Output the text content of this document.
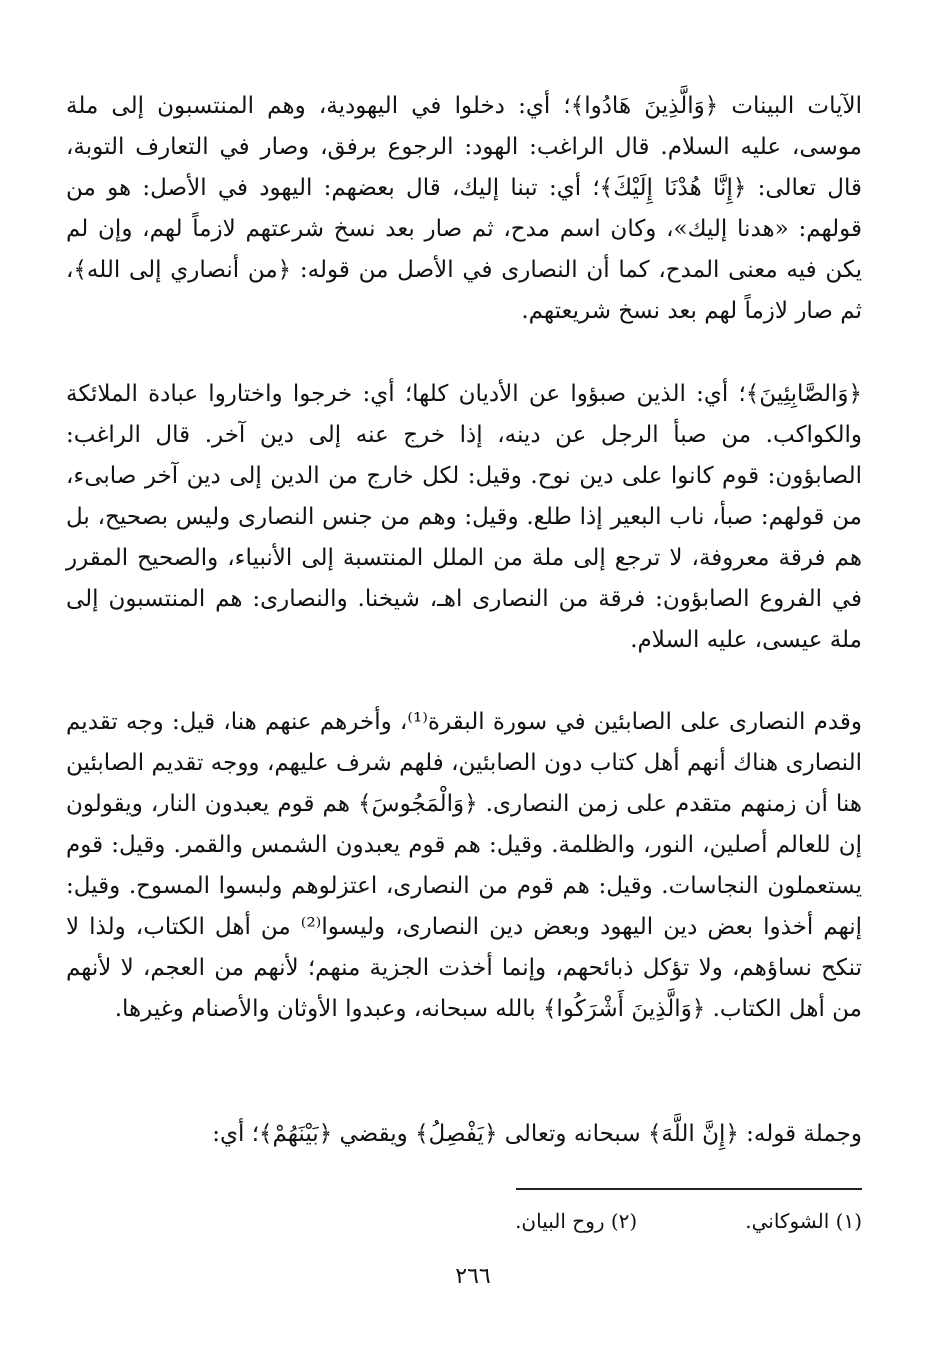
الآيات البينات ﴿وَالَّذِينَ هَادُوا﴾؛ أي: دخلوا في اليهودية، وهم المنتسبون إلى ملة موسى، عليه السلام. قال الراغب: الهود: الرجوع برفق، وصار في التعارف التوبة، قال تعالى: ﴿إِنَّا هُدْنَا إِلَيْكَ﴾؛ أي: تبنا إليك، قال بعضهم: اليهود في الأصل: هو من قولهم: «هدنا إليك»، وكان اسم مدح، ثم صار بعد نسخ شرعتهم لازماً لهم، وإن لم يكن فيه معنى المدح، كما أن النصارى في الأصل من قوله: ﴿من أنصاري إلى الله﴾، ثم صار لازماً لهم بعد نسخ شريعتهم.

﴿وَالصَّابِئِينَ﴾؛ أي: الذين صبؤوا عن الأديان كلها؛ أي: خرجوا واختاروا عبادة الملائكة والكواكب. من صبأ الرجل عن دينه، إذا خرج عنه إلى دين آخر. قال الراغب: الصابؤون: قوم كانوا على دين نوح. وقيل: لكل خارج من الدين إلى دين آخر صابىء، من قولهم: صبأ، ناب البعير إذا طلع. وقيل: وهم من جنس النصارى وليس بصحيح، بل هم فرقة معروفة، لا ترجع إلى ملة من الملل المنتسبة إلى الأنبياء، والصحيح المقرر في الفروع الصابؤون: فرقة من النصارى اهـ، شيخنا. والنصارى: هم المنتسبون إلى ملة عيسى، عليه السلام.

وقدم النصارى على الصابئين في سورة البقرة⁽¹⁾، وأخرهم عنهم هنا، قيل: وجه تقديم النصارى هناك أنهم أهل كتاب دون الصابئين، فلهم شرف عليهم، ووجه تقديم الصابئين هنا أن زمنهم متقدم على زمن النصارى. ﴿وَالْمَجُوسَ﴾ هم قوم يعبدون النار، ويقولون إن للعالم أصلين، النور، والظلمة. وقيل: هم قوم يعبدون الشمس والقمر. وقيل: قوم يستعملون النجاسات. وقيل: هم قوم من النصارى، اعتزلوهم ولبسوا المسوح. وقيل: إنهم أخذوا بعض دين اليهود وبعض دين النصارى، وليسوا⁽²⁾ من أهل الكتاب، ولذا لا تنكح نساؤهم، ولا تؤكل ذبائحهم، وإنما أخذت الجزية منهم؛ لأنهم من العجم، لا لأنهم من أهل الكتاب. ﴿وَالَّذِينَ أَشْرَكُوا﴾ بالله سبحانه، وعبدوا الأوثان والأصنام وغيرها.

وجملة قوله: ﴿إِنَّ اللَّهَ﴾ سبحانه وتعالى ﴿يَفْصِلُ﴾ ويقضي ﴿بَيْنَهُمْ﴾؛ أي:

(١) الشوكاني.
(٢) روح البيان.
٢٦٦
